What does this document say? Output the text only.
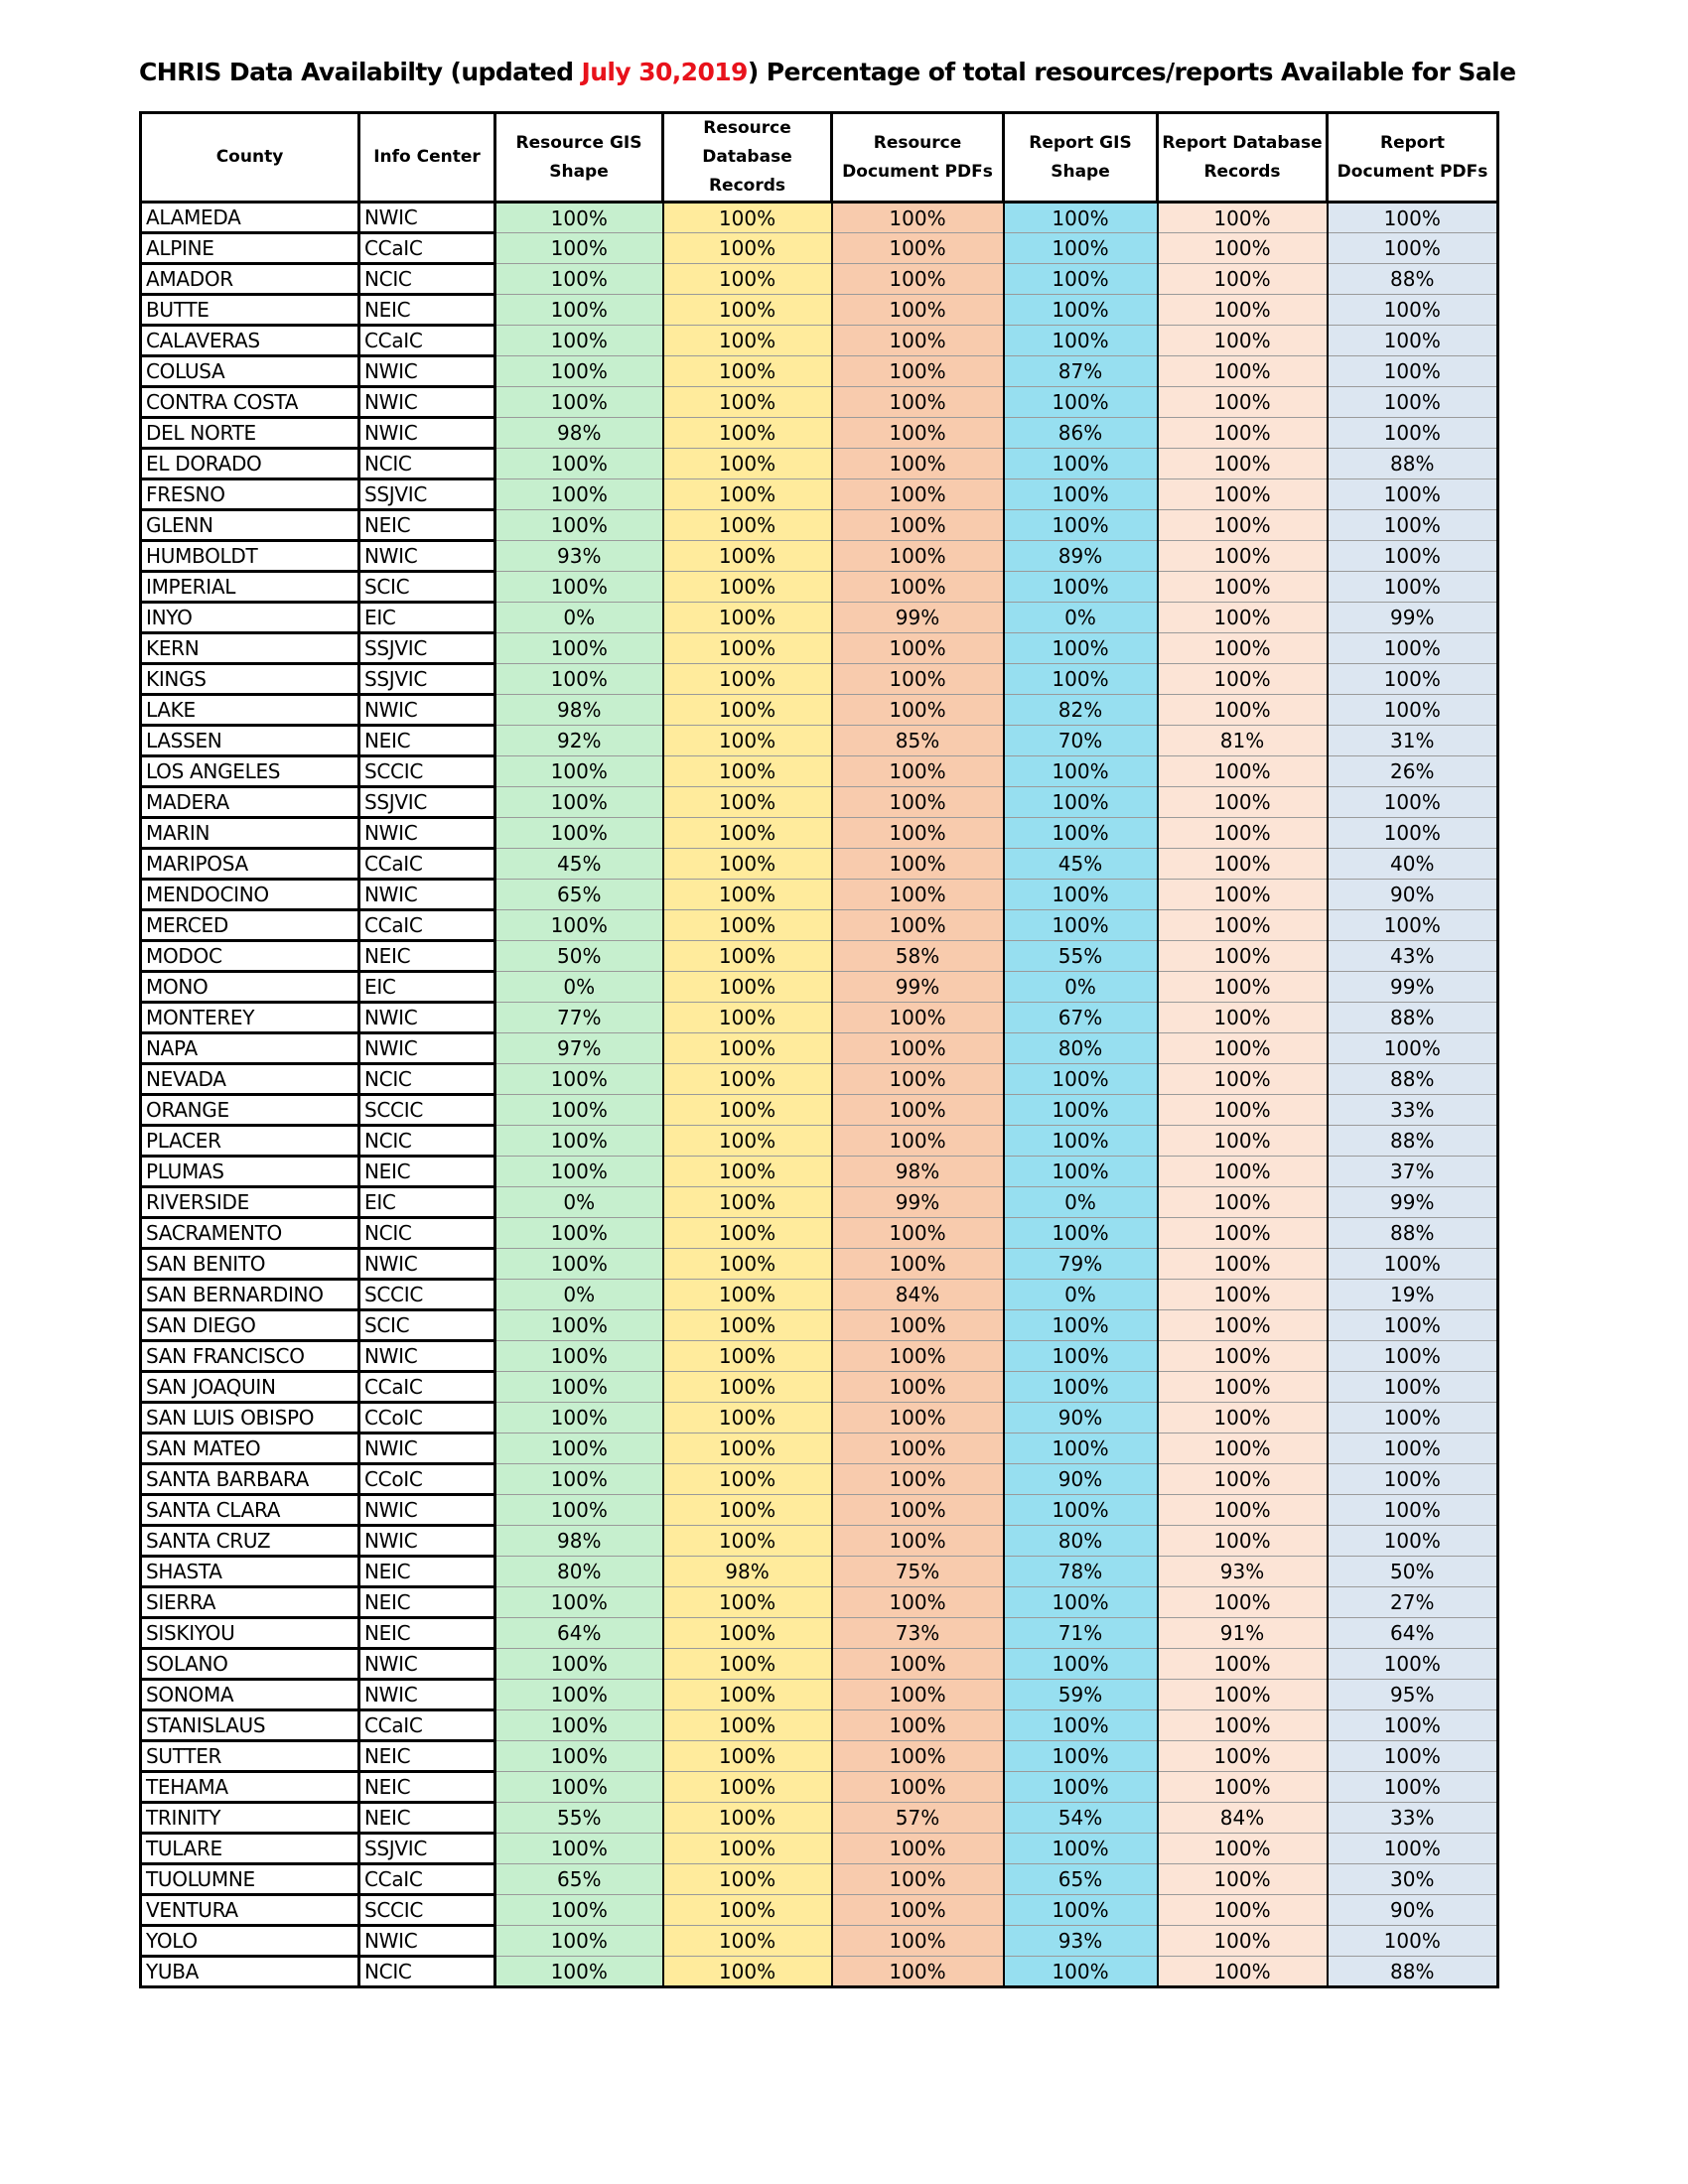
CHRIS Data Availabilty (updated July 30,2019) Percentage of total resources/reports Available for Sale
County	Info Center	Resource GIS Shape	Resource Database Records	Resource Document PDFs	Report GIS Shape	Report Database Records	Report Document PDFs
ALAMEDA	NWIC	100%	100%	100%	100%	100%	100%
ALPINE	CCaIC	100%	100%	100%	100%	100%	100%
AMADOR	NCIC	100%	100%	100%	100%	100%	88%
BUTTE	NEIC	100%	100%	100%	100%	100%	100%
CALAVERAS	CCaIC	100%	100%	100%	100%	100%	100%
COLUSA	NWIC	100%	100%	100%	87%	100%	100%
CONTRA COSTA	NWIC	100%	100%	100%	100%	100%	100%
DEL NORTE	NWIC	98%	100%	100%	86%	100%	100%
EL DORADO	NCIC	100%	100%	100%	100%	100%	88%
FRESNO	SSJVIC	100%	100%	100%	100%	100%	100%
GLENN	NEIC	100%	100%	100%	100%	100%	100%
HUMBOLDT	NWIC	93%	100%	100%	89%	100%	100%
IMPERIAL	SCIC	100%	100%	100%	100%	100%	100%
INYO	EIC	0%	100%	99%	0%	100%	99%
KERN	SSJVIC	100%	100%	100%	100%	100%	100%
KINGS	SSJVIC	100%	100%	100%	100%	100%	100%
LAKE	NWIC	98%	100%	100%	82%	100%	100%
LASSEN	NEIC	92%	100%	85%	70%	81%	31%
LOS ANGELES	SCCIC	100%	100%	100%	100%	100%	26%
MADERA	SSJVIC	100%	100%	100%	100%	100%	100%
MARIN	NWIC	100%	100%	100%	100%	100%	100%
MARIPOSA	CCaIC	45%	100%	100%	45%	100%	40%
MENDOCINO	NWIC	65%	100%	100%	100%	100%	90%
MERCED	CCaIC	100%	100%	100%	100%	100%	100%
MODOC	NEIC	50%	100%	58%	55%	100%	43%
MONO	EIC	0%	100%	99%	0%	100%	99%
MONTEREY	NWIC	77%	100%	100%	67%	100%	88%
NAPA	NWIC	97%	100%	100%	80%	100%	100%
NEVADA	NCIC	100%	100%	100%	100%	100%	88%
ORANGE	SCCIC	100%	100%	100%	100%	100%	33%
PLACER	NCIC	100%	100%	100%	100%	100%	88%
PLUMAS	NEIC	100%	100%	98%	100%	100%	37%
RIVERSIDE	EIC	0%	100%	99%	0%	100%	99%
SACRAMENTO	NCIC	100%	100%	100%	100%	100%	88%
SAN BENITO	NWIC	100%	100%	100%	79%	100%	100%
SAN BERNARDINO	SCCIC	0%	100%	84%	0%	100%	19%
SAN DIEGO	SCIC	100%	100%	100%	100%	100%	100%
SAN FRANCISCO	NWIC	100%	100%	100%	100%	100%	100%
SAN JOAQUIN	CCaIC	100%	100%	100%	100%	100%	100%
SAN LUIS OBISPO	CCoIC	100%	100%	100%	90%	100%	100%
SAN MATEO	NWIC	100%	100%	100%	100%	100%	100%
SANTA BARBARA	CCoIC	100%	100%	100%	90%	100%	100%
SANTA CLARA	NWIC	100%	100%	100%	100%	100%	100%
SANTA CRUZ	NWIC	98%	100%	100%	80%	100%	100%
SHASTA	NEIC	80%	98%	75%	78%	93%	50%
SIERRA	NEIC	100%	100%	100%	100%	100%	27%
SISKIYOU	NEIC	64%	100%	73%	71%	91%	64%
SOLANO	NWIC	100%	100%	100%	100%	100%	100%
SONOMA	NWIC	100%	100%	100%	59%	100%	95%
STANISLAUS	CCaIC	100%	100%	100%	100%	100%	100%
SUTTER	NEIC	100%	100%	100%	100%	100%	100%
TEHAMA	NEIC	100%	100%	100%	100%	100%	100%
TRINITY	NEIC	55%	100%	57%	54%	84%	33%
TULARE	SSJVIC	100%	100%	100%	100%	100%	100%
TUOLUMNE	CCaIC	65%	100%	100%	65%	100%	30%
VENTURA	SCCIC	100%	100%	100%	100%	100%	90%
YOLO	NWIC	100%	100%	100%	93%	100%	100%
YUBA	NCIC	100%	100%	100%	100%	100%	88%
